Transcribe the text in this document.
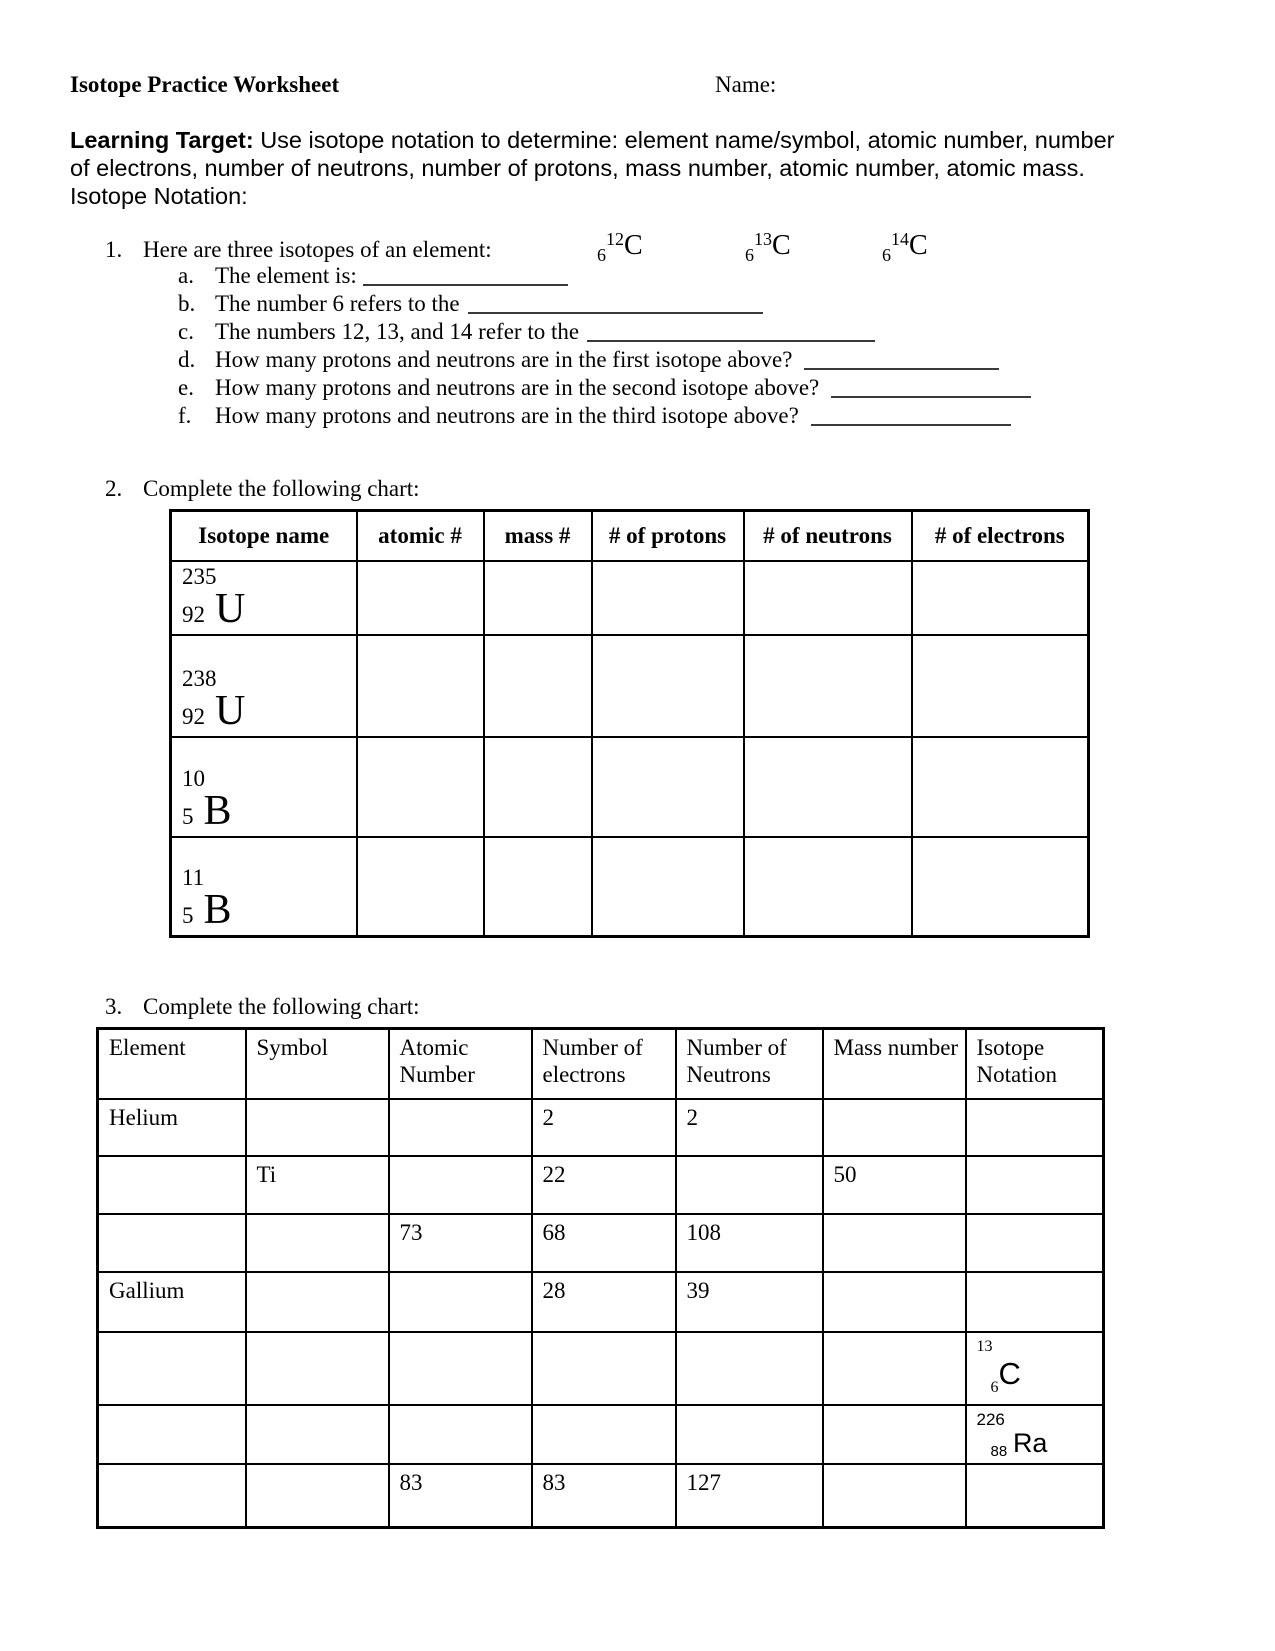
Isotope Practice Worksheet	Name:
Learning Target: Use isotope notation to determine: element name/symbol, atomic number, number
of electrons, number of neutrons, number of protons, mass number, atomic number, atomic mass.
Isotope Notation:
1. Here are three isotopes of an element:	$_6^{12}$C	$_6^{13}$C	$_6^{14}$C
a. The element is:
b. The number 6 refers to the
c. The numbers 12, 13, and 14 refer to the
d. How many protons and neutrons are in the first isotope above?
e. How many protons and neutrons are in the second isotope above?
f. How many protons and neutrons are in the third isotope above?
2. Complete the following chart:
Isotope name	atomic #	mass #	# of protons	# of neutrons	# of electrons

235
92 U					

238
92 U					

10
5 B					

11
5 B					
3. Complete the following chart:
Element	Symbol	Atomic Number	Number of electrons	Number of Neutrons	Mass number	Isotope Notation
Helium			2	2		
	Ti		22		50	
		73	68	108		
Gallium			28	39		

						13
$_6$C

						226
88 Ra

		83	83	127		
